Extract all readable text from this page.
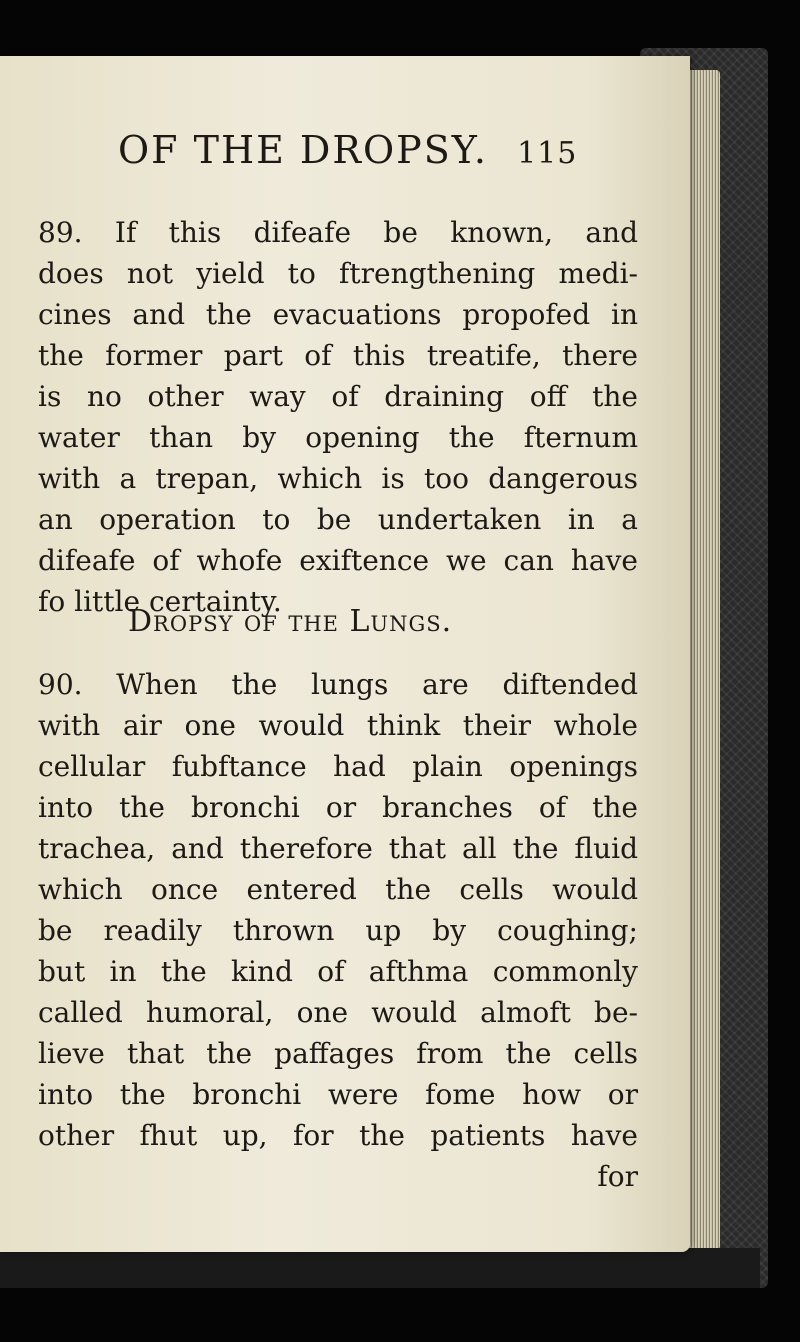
OF THE DROPSY. 115
89. If this difeafe be known, and
does not yield to ftrengthening medi-
cines and the evacuations propofed in
the former part of this treatife, there
is no other way of draining off the
water than by opening the fternum
with a trepan, which is too dangerous
an operation to be undertaken in a
difeafe of whofe exiftence we can have
fo little certainty.
Dropsy of the Lungs.
90. When the lungs are diftended
with air one would think their whole
cellular fubftance had plain openings
into the bronchi or branches of the
trachea, and therefore that all the fluid
which once entered the cells would
be readily thrown up by coughing;
but in the kind of afthma commonly
called humoral, one would almoft be-
lieve that the paffages from the cells
into the bronchi were fome how or
other fhut up, for the patients have
for
